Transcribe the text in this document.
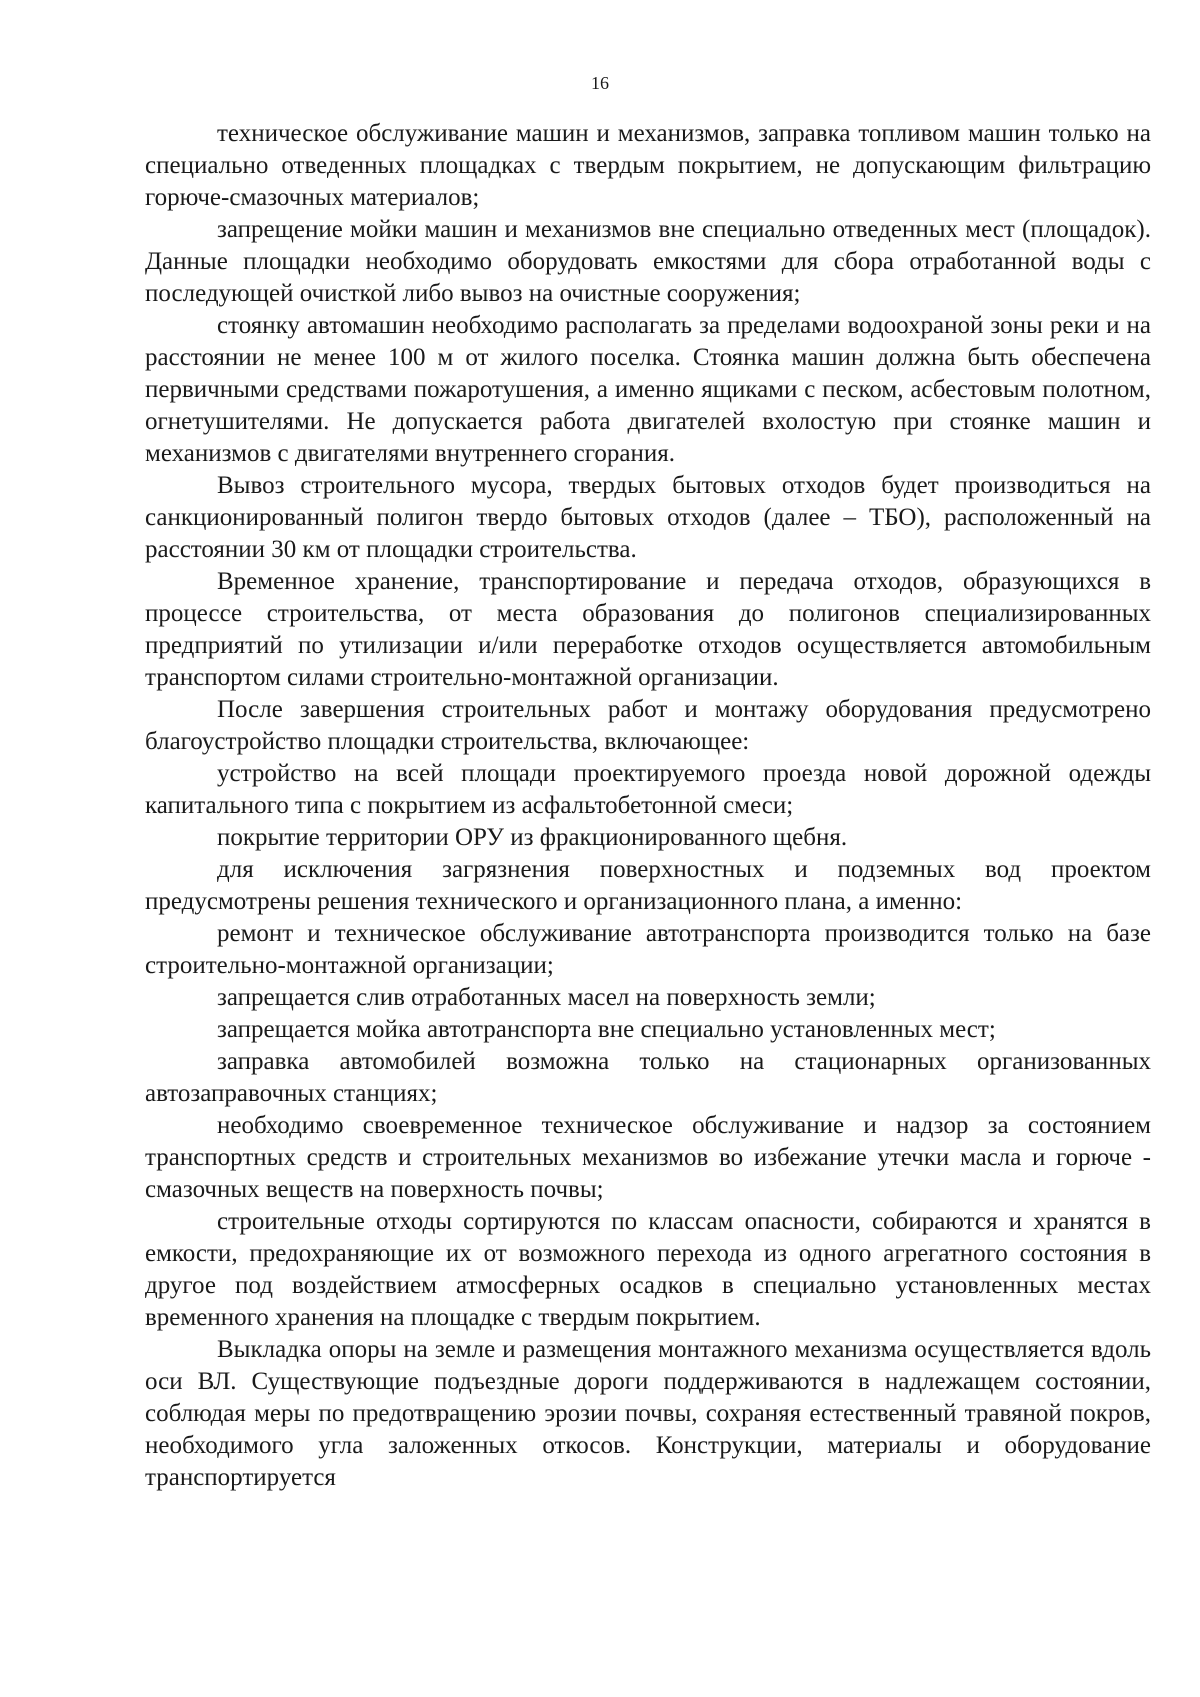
16

техническое обслуживание машин и механизмов, заправка топливом машин только на специально отведенных площадках с твердым покрытием, не допускающим фильтрацию горюче-смазочных материалов;

запрещение мойки машин и механизмов вне специально отведенных мест (площадок). Данные площадки необходимо оборудовать емкостями для сбора отработанной воды с последующей очисткой либо вывоз на очистные сооружения;

стоянку автомашин необходимо располагать за пределами водоохраной зоны реки и на расстоянии не менее 100 м от жилого поселка. Стоянка машин должна быть обеспечена первичными средствами пожаротушения, а именно ящиками с песком, асбестовым полотном, огнетушителями. Не допускается работа двигателей вхолостую при стоянке машин и механизмов с двигателями внутреннего сгорания.

Вывоз строительного мусора, твердых бытовых отходов будет производиться на санкционированный полигон твердо бытовых отходов (далее – ТБО), расположенный на расстоянии 30 км от площадки строительства.

Временное хранение, транспортирование и передача отходов, образующихся в процессе строительства, от места образования до полигонов специализированных предприятий по утилизации и/или переработке отходов осуществляется автомобильным транспортом силами строительно-монтажной организации.

После завершения строительных работ и монтажу оборудования предусмотрено благоустройство площадки строительства, включающее:

устройство на всей площади проектируемого проезда новой дорожной одежды капитального типа с покрытием из асфальтобетонной смеси;

покрытие территории ОРУ из фракционированного щебня.

для исключения загрязнения поверхностных и подземных вод проектом предусмотрены решения технического и организационного плана, а именно:

ремонт и техническое обслуживание автотранспорта производится только на базе строительно-монтажной организации;

запрещается слив отработанных масел на поверхность земли;

запрещается мойка автотранспорта вне специально установленных мест;

заправка автомобилей возможна только на стационарных организованных автозаправочных станциях;

необходимо своевременное техническое обслуживание и надзор за состоянием транспортных средств и строительных механизмов во избежание утечки масла и горюче - смазочных веществ на поверхность почвы;

строительные отходы сортируются по классам опасности, собираются и хранятся в емкости, предохраняющие их от возможного перехода из одного агрегатного состояния в другое под воздействием атмосферных осадков в специально установленных местах временного хранения на площадке с твердым покрытием.

Выкладка опоры на земле и размещения монтажного механизма осуществляется вдоль оси ВЛ. Существующие подъездные дороги поддерживаются в надлежащем состоянии, соблюдая меры по предотвращению эрозии почвы, сохраняя естественный травяной покров, необходимого угла заложенных откосов. Конструкции, материалы и оборудование транспортируется
